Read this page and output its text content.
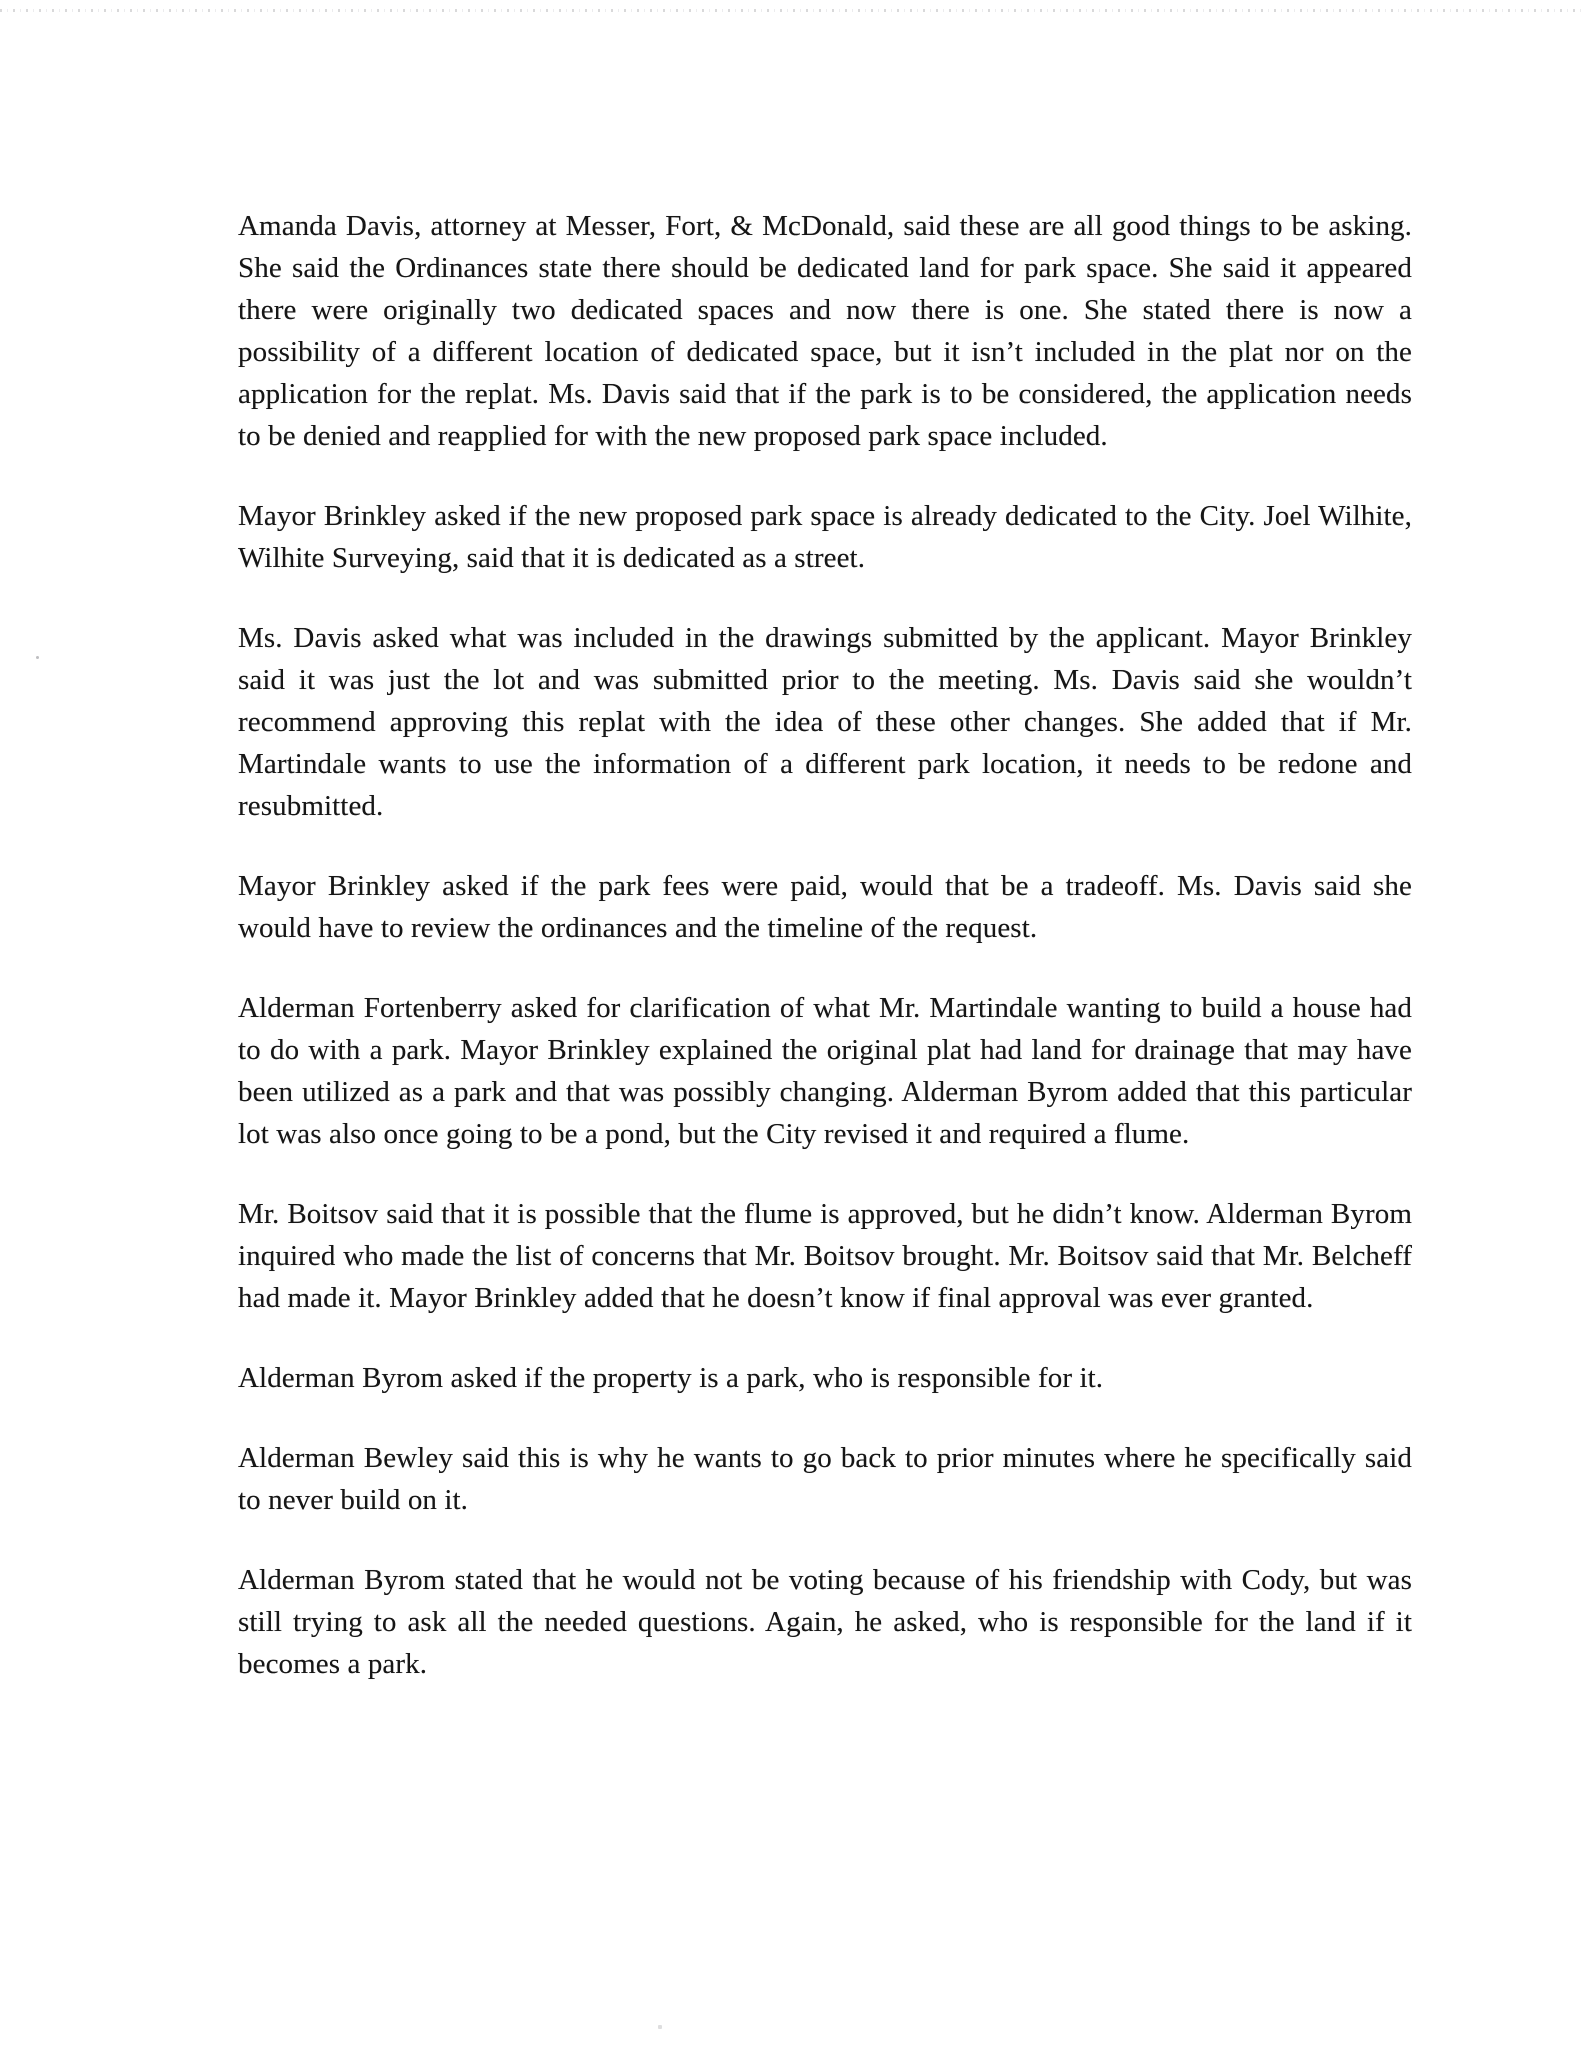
Amanda Davis, attorney at Messer, Fort, & McDonald, said these are all good things to be asking. She said the Ordinances state there should be dedicated land for park space. She said it appeared there were originally two dedicated spaces and now there is one. She stated there is now a possibility of a different location of dedicated space, but it isn’t included in the plat nor on the application for the replat. Ms. Davis said that if the park is to be considered, the application needs to be denied and reapplied for with the new proposed park space included.

Mayor Brinkley asked if the new proposed park space is already dedicated to the City. Joel Wilhite, Wilhite Surveying, said that it is dedicated as a street.

Ms. Davis asked what was included in the drawings submitted by the applicant. Mayor Brinkley said it was just the lot and was submitted prior to the meeting. Ms. Davis said she wouldn’t recommend approving this replat with the idea of these other changes. She added that if Mr. Martindale wants to use the information of a different park location, it needs to be redone and resubmitted.

Mayor Brinkley asked if the park fees were paid, would that be a tradeoff. Ms. Davis said she would have to review the ordinances and the timeline of the request.

Alderman Fortenberry asked for clarification of what Mr. Martindale wanting to build a house had to do with a park. Mayor Brinkley explained the original plat had land for drainage that may have been utilized as a park and that was possibly changing. Alderman Byrom added that this particular lot was also once going to be a pond, but the City revised it and required a flume.

Mr. Boitsov said that it is possible that the flume is approved, but he didn’t know. Alderman Byrom inquired who made the list of concerns that Mr. Boitsov brought. Mr. Boitsov said that Mr. Belcheff had made it. Mayor Brinkley added that he doesn’t know if final approval was ever granted.

Alderman Byrom asked if the property is a park, who is responsible for it.

Alderman Bewley said this is why he wants to go back to prior minutes where he specifically said to never build on it.

Alderman Byrom stated that he would not be voting because of his friendship with Cody, but was still trying to ask all the needed questions. Again, he asked, who is responsible for the land if it becomes a park.
